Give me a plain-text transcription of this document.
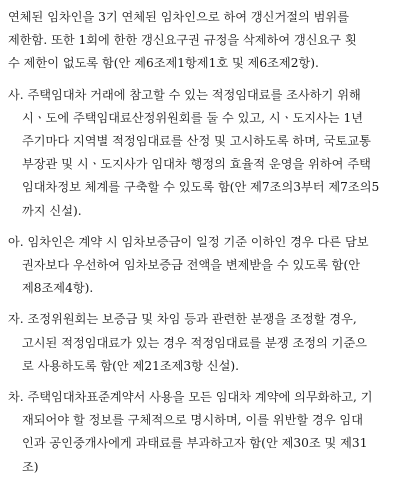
연체된 임차인을 3기 연체된 임차인으로 하여 갱신거절의 범위를
제한함. 또한 1회에 한한 갱신요구권 규정을 삭제하여 갱신요구 횟
수 제한이 없도록 함(안 제6조제1항제1호 및 제6조제2항).

사. 주택임대차 거래에 참고할 수 있는 적정임대료를 조사하기 위해
시ㆍ도에 주택임대료산정위원회를 둘 수 있고, 시ㆍ도지사는 1년
주기마다 지역별 적정임대료를 산정 및 고시하도록 하며, 국토교통
부장관 및 시ㆍ도지사가 임대차 행정의 효율적 운영을 위하여 주택
임대차정보 체계를 구축할 수 있도록 함(안 제7조의3부터 제7조의5
까지 신설).

아. 임차인은 계약 시 임차보증금이 일정 기준 이하인 경우 다른 담보
권자보다 우선하여 임차보증금 전액을 변제받을 수 있도록 함(안
제8조제4항).

자. 조정위원회는 보증금 및 차임 등과 관련한 분쟁을 조정할 경우,
고시된 적정임대료가 있는 경우 적정임대료를 분쟁 조정의 기준으
로 사용하도록 함(안 제21조제3항 신설).

차. 주택임대차표준계약서 사용을 모든 임대차 계약에 의무화하고, 기
재되어야 할 정보를 구체적으로 명시하며, 이를 위반할 경우 임대
인과 공인중개사에게 과태료를 부과하고자 함(안 제30조 및 제31
조)
